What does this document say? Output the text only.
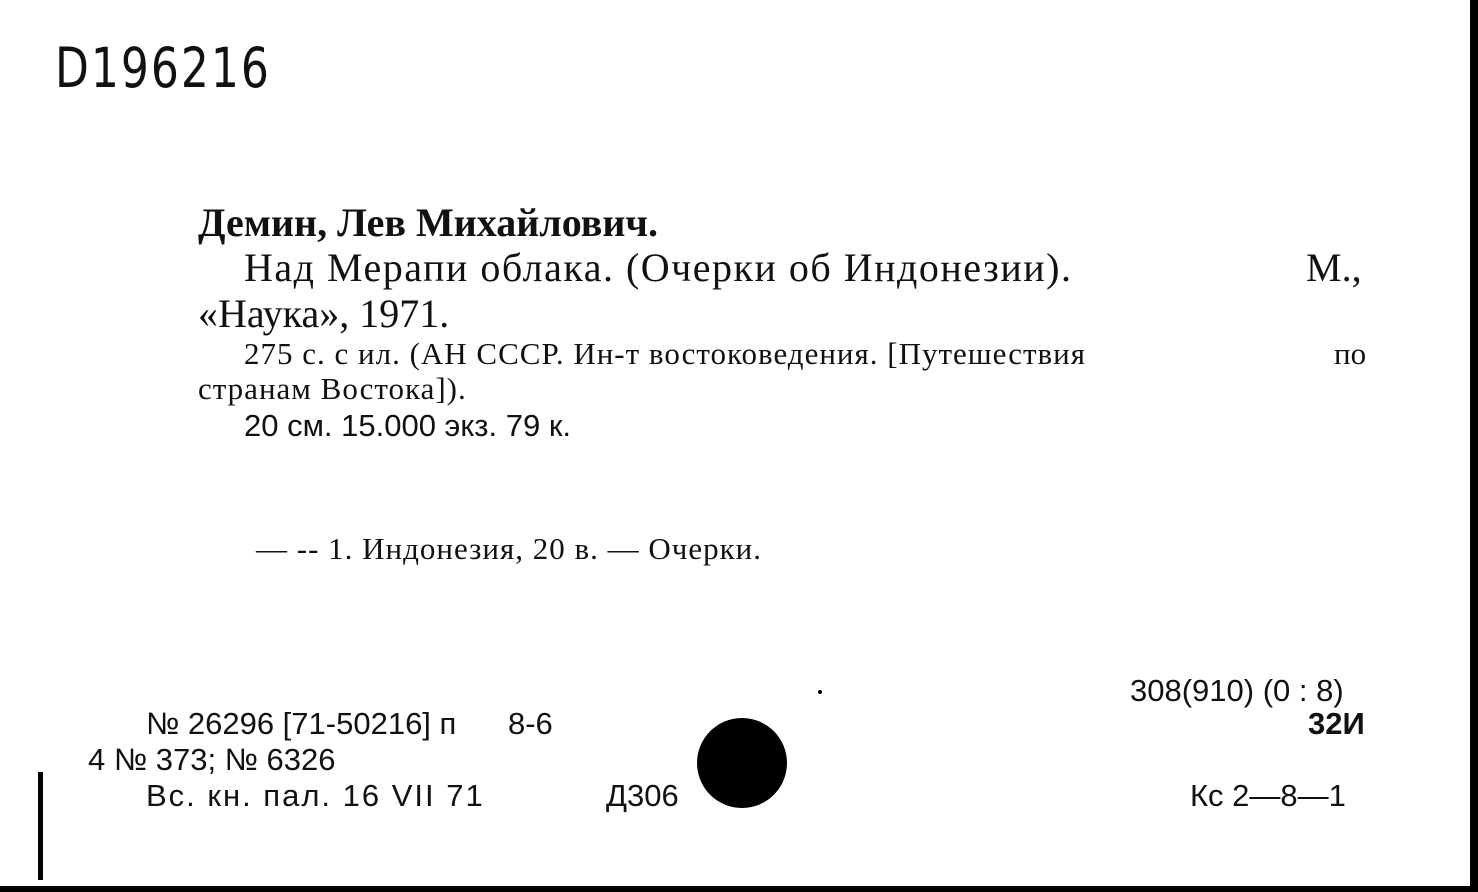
D196216
Демин, Лев Михайлович.
Над Мерапи облака. (Очерки об Индонезии).	М.,
«Наука», 1971.
275 с. с ил. (АН СССР. Ин-т востоковедения. [Путешествия	по
странам Востока]).
20 см. 15.000 экз. 79 к.
— -- 1. Индонезия, 20 в. — Очерки.
308(910) (0 : 8)
32И
№ 26296 [71-50216] п      8-6
4 № 373; № 6326
Вс. кн. пал. 16 VII 71	Д306	Кс 2—8—1
